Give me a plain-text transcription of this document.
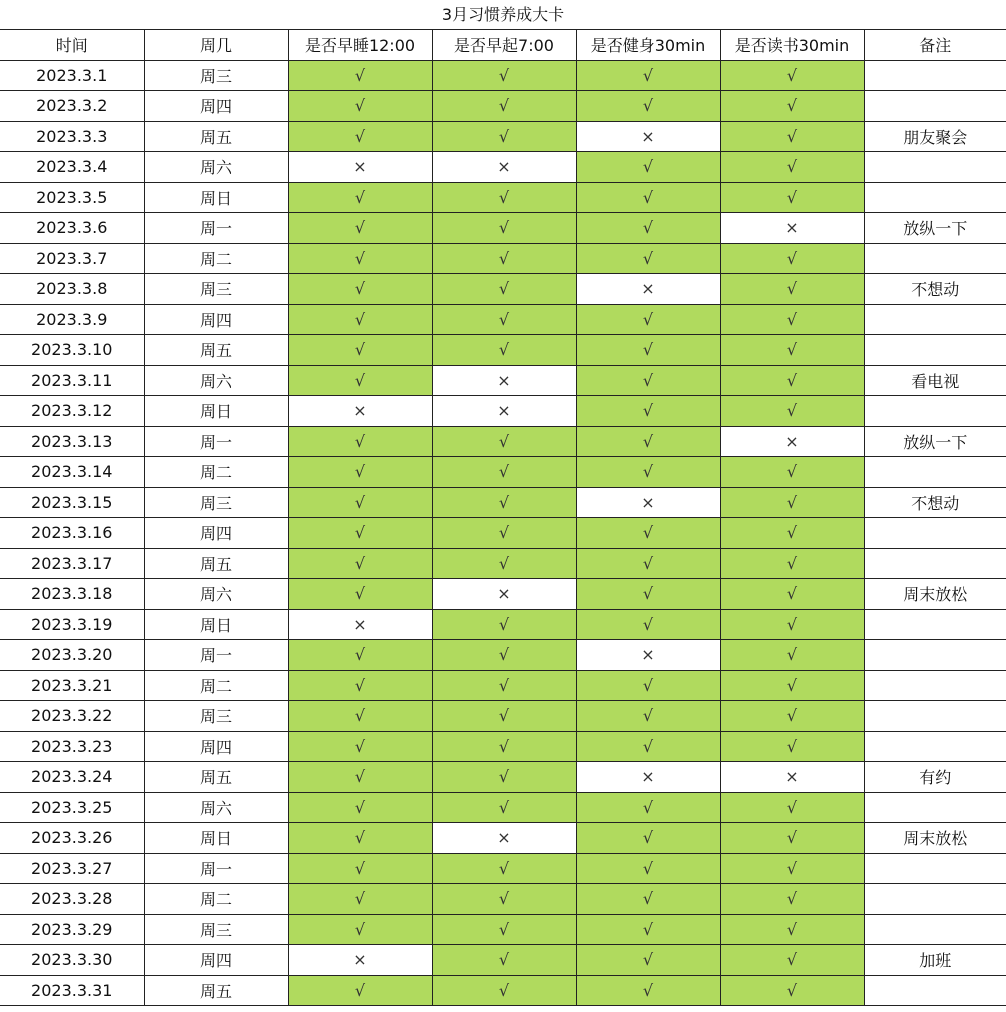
3月习惯养成大卡
时间	周几	是否早睡12:00	是否早起7:00	是否健身30min	是否读书30min	备注
2023.3.1	周三	√	√	√	√	
2023.3.2	周四	√	√	√	√	
2023.3.3	周五	√	√	×	√	朋友聚会
2023.3.4	周六	×	×	√	√	
2023.3.5	周日	√	√	√	√	
2023.3.6	周一	√	√	√	×	放纵一下
2023.3.7	周二	√	√	√	√	
2023.3.8	周三	√	√	×	√	不想动
2023.3.9	周四	√	√	√	√	
2023.3.10	周五	√	√	√	√	
2023.3.11	周六	√	×	√	√	看电视
2023.3.12	周日	×	×	√	√	
2023.3.13	周一	√	√	√	×	放纵一下
2023.3.14	周二	√	√	√	√	
2023.3.15	周三	√	√	×	√	不想动
2023.3.16	周四	√	√	√	√	
2023.3.17	周五	√	√	√	√	
2023.3.18	周六	√	×	√	√	周末放松
2023.3.19	周日	×	√	√	√	
2023.3.20	周一	√	√	×	√	
2023.3.21	周二	√	√	√	√	
2023.3.22	周三	√	√	√	√	
2023.3.23	周四	√	√	√	√	
2023.3.24	周五	√	√	×	×	有约
2023.3.25	周六	√	√	√	√	
2023.3.26	周日	√	×	√	√	周末放松
2023.3.27	周一	√	√	√	√	
2023.3.28	周二	√	√	√	√	
2023.3.29	周三	√	√	√	√	
2023.3.30	周四	×	√	√	√	加班
2023.3.31	周五	√	√	√	√	
